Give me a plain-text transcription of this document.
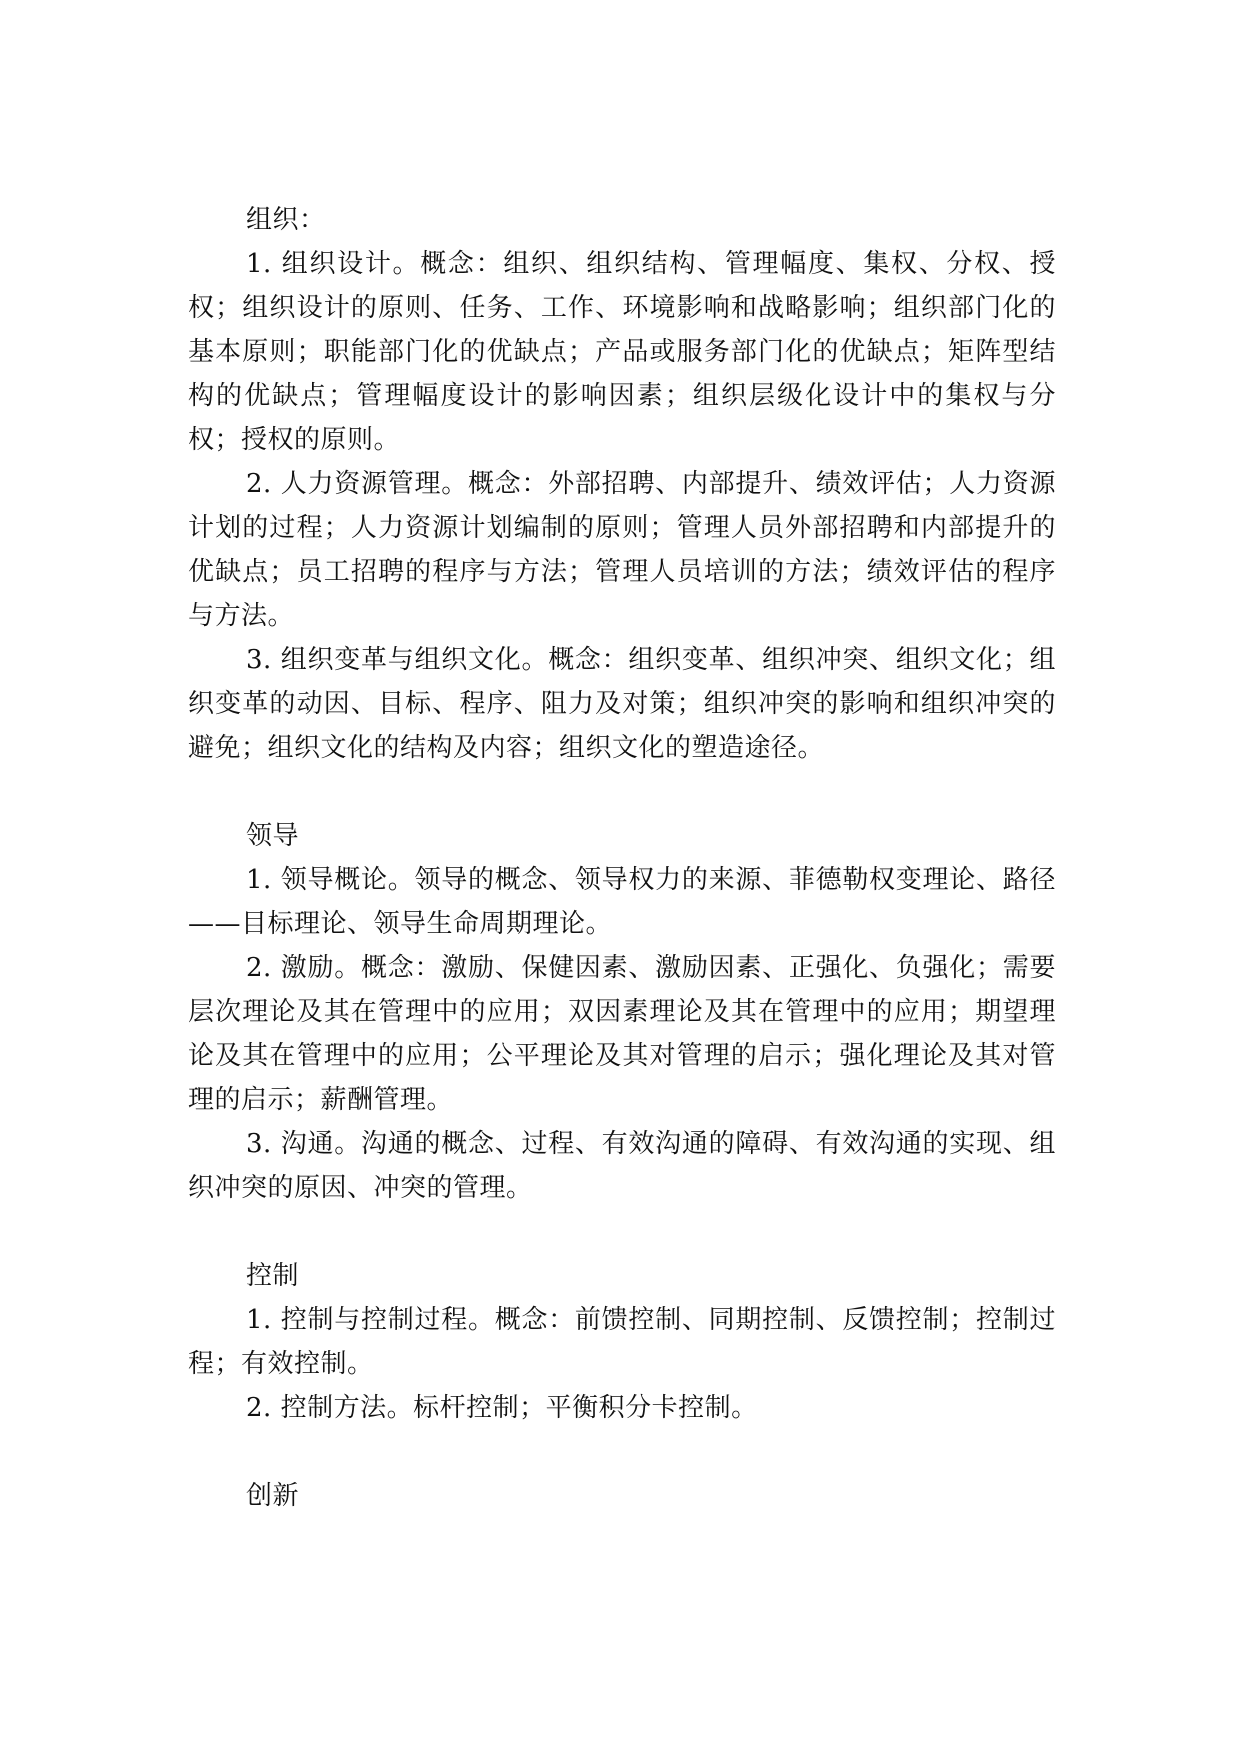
组织：

1. 组织设计。概念：组织、组织结构、管理幅度、集权、分权、授权；组织设计的原则、任务、工作、环境影响和战略影响；组织部门化的基本原则；职能部门化的优缺点；产品或服务部门化的优缺点；矩阵型结构的优缺点；管理幅度设计的影响因素；组织层级化设计中的集权与分权；授权的原则。

2. 人力资源管理。概念：外部招聘、内部提升、绩效评估；人力资源计划的过程；人力资源计划编制的原则；管理人员外部招聘和内部提升的优缺点；员工招聘的程序与方法；管理人员培训的方法；绩效评估的程序与方法。

3. 组织变革与组织文化。概念：组织变革、组织冲突、组织文化；组织变革的动因、目标、程序、阻力及对策；组织冲突的影响和组织冲突的避免；组织文化的结构及内容；组织文化的塑造途径。

领导

1. 领导概论。领导的概念、领导权力的来源、菲德勒权变理论、路径——目标理论、领导生命周期理论。

2. 激励。概念：激励、保健因素、激励因素、正强化、负强化；需要层次理论及其在管理中的应用；双因素理论及其在管理中的应用；期望理论及其在管理中的应用；公平理论及其对管理的启示；强化理论及其对管理的启示；薪酬管理。

3. 沟通。沟通的概念、过程、有效沟通的障碍、有效沟通的实现、组织冲突的原因、冲突的管理。

控制

1. 控制与控制过程。概念：前馈控制、同期控制、反馈控制；控制过程；有效控制。

2. 控制方法。标杆控制；平衡积分卡控制。

创新
